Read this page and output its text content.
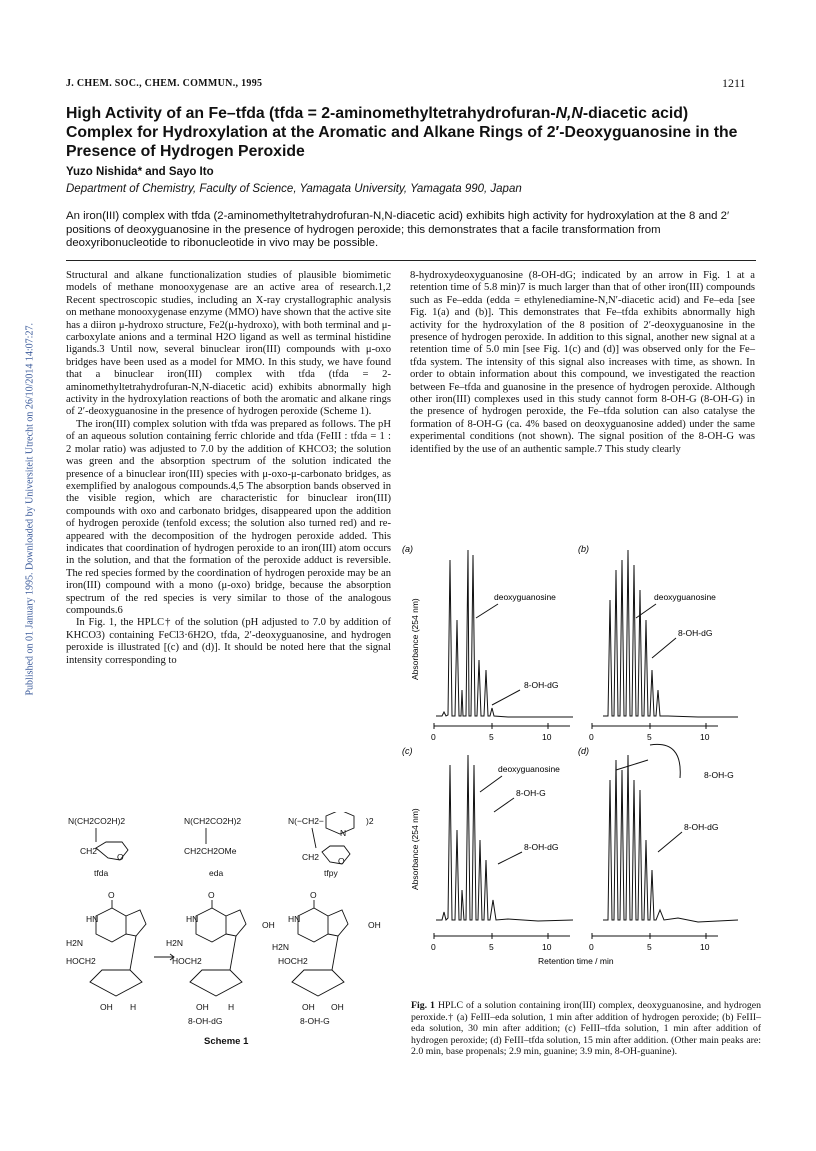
Published on 01 January 1995. Downloaded by Universiteit Utrecht on 26/10/2014 14:07:27.
J. CHEM. SOC., CHEM. COMMUN., 1995	1211
High Activity of an Fe–tfda (tfda = 2-aminomethyltetrahydrofuran-N,N-diacetic acid) Complex for Hydroxylation at the Aromatic and Alkane Rings of 2′-Deoxyguanosine in the Presence of Hydrogen Peroxide
Yuzo Nishida* and Sayo Ito
Department of Chemistry, Faculty of Science, Yamagata University, Yamagata 990, Japan
An iron(III) complex with tfda (2-aminomethyltetrahydrofuran-N,N-diacetic acid) exhibits high activity for hydroxylation at the 8 and 2′ positions of deoxyguanosine in the presence of hydrogen peroxide; this demonstrates that a facile transformation from deoxyribonucleotide to ribonucleotide in vivo may be possible.

Structural and alkane functionalization studies of plausible biomimetic models of methane monooxygenase are an active area of research.1,2 Recent spectroscopic studies, including an X-ray crystallographic analysis on methane monooxygenase enzyme (MMO) have shown that the active site has a diiron μ-hydroxo structure, Fe2(μ-hydroxo), with both terminal and μ-carboxylate anions and a terminal H2O ligand as well as terminal histidine ligands.3 Until now, several binuclear iron(III) compounds with μ-oxo bridges have been used as a model for MMO. In this study, we have found that a binuclear iron(III) complex with tfda (tfda = 2-aminomethyltetrahydrofuran-N,N-diacetic acid) exhibits abnormally high activity in the hydroxylation reactions of both the aromatic and alkane rings of 2′-deoxyguanosine in the presence of hydrogen peroxide (Scheme 1).

The iron(III) complex solution with tfda was prepared as follows. The pH of an aqueous solution containing ferric chloride and tfda (FeIII : tfda = 1 : 2 molar ratio) was adjusted to 7.0 by the addition of KHCO3; the solution was green and the absorption spectrum of the solution indicated the presence of a binuclear iron(III) species with μ-oxo-μ-carbonato bridges, as exemplified by analogous compounds.4,5 The absorption bands observed in the visible region, which are characteristic for binuclear iron(III) compounds with oxo and carbonato bridges, disappeared upon the addition of hydrogen peroxide (tenfold excess; the solution also turned red) and re-appeared with the decomposition of the hydrogen peroxide added. This indicates that coordination of hydrogen peroxide to an iron(III) atom occurs in the solution, and that the formation of the peroxide adduct is reversible. The red species formed by the coordination of hydrogen peroxide may be an iron(III) compound with a mono (μ-oxo) bridge, because the absorption spectrum of the red species is very similar to those of the analogous compounds.6

In Fig. 1, the HPLC† of the solution (pH adjusted to 7.0 by addition of KHCO3) containing FeCl3·6H2O, tfda, 2′-deoxyguanosine, and hydrogen peroxide is illustrated [(c) and (d)]. It should be noted here that the signal intensity corresponding to

8-hydroxydeoxyguanosine (8-OH-dG; indicated by an arrow in Fig. 1 at a retention time of 5.8 min)7 is much larger than that of other iron(III) compounds such as Fe–edda (edda = ethylenediamine-N,N′-diacetic acid) and Fe–eda [see Fig. 1(a) and (b)]. This demonstrates that Fe–tfda exhibits abnormally high activity for the hydroxylation of the 8 position of 2′-deoxyguanosine in the presence of hydrogen peroxide. In addition to this signal, another new signal at a retention time of 5.0 min [see Fig. 1(c) and (d)] was observed only for the Fe–tfda system. The intensity of this signal also increases with time, as shown. In order to obtain information about this compound, we investigated the reaction between Fe–tfda and guanosine in the presence of hydrogen peroxide. Although other iron(III) complexes used in this study cannot form 8-OH-G (8-OH-G) in the presence of hydrogen peroxide, the Fe–tfda solution can also catalyse the formation of 8-OH-G (ca. 4% based on deoxyguanosine added) under the same experimental conditions (not shown). The signal position of the 8-OH-G was identified by the use of an authentic sample.7 This study clearly

(a)	(b)
(c)	(d)
Absorbance (254 nm)
Absorbance (254 nm)
deoxyguanosine
8-OH-dG
deoxyguanosine
8-OH-dG
deoxyguanosine
8-OH-G
8-OH-dG
8-OH-G
8-OH-dG
0	5	10	0	5	10
0	5	10	0	5	10
Retention time / min
Fig. 1 HPLC of a solution containing iron(III) complex, deoxyguanosine, and hydrogen peroxide.† (a) FeIII–eda solution, 1 min after addition of hydrogen peroxide; (b) FeIII–eda solution, 30 min after addition; (c) FeIII–tfda solution, 1 min after addition of hydrogen peroxide; (d) FeIII–tfda solution, 15 min after addition. (Other main peaks are: 2.0 min, base propenals; 2.9 min, guanine; 3.9 min, 8-OH-guanine).
N(CH2CO2H)2	N(CH2CO2H)2	N(−CH2−	)2
CH2	CH2CH2OMe
CH2
O	O
N
tfda	eda	tfpy
O	O	O
HN	HN	HN
H2N	H2N	H2N
OH	OH
HOCH2	HOCH2	HOCH2
OH	OH	OH OH
H	H
8-OH-dG	8-OH-G
Scheme 1
